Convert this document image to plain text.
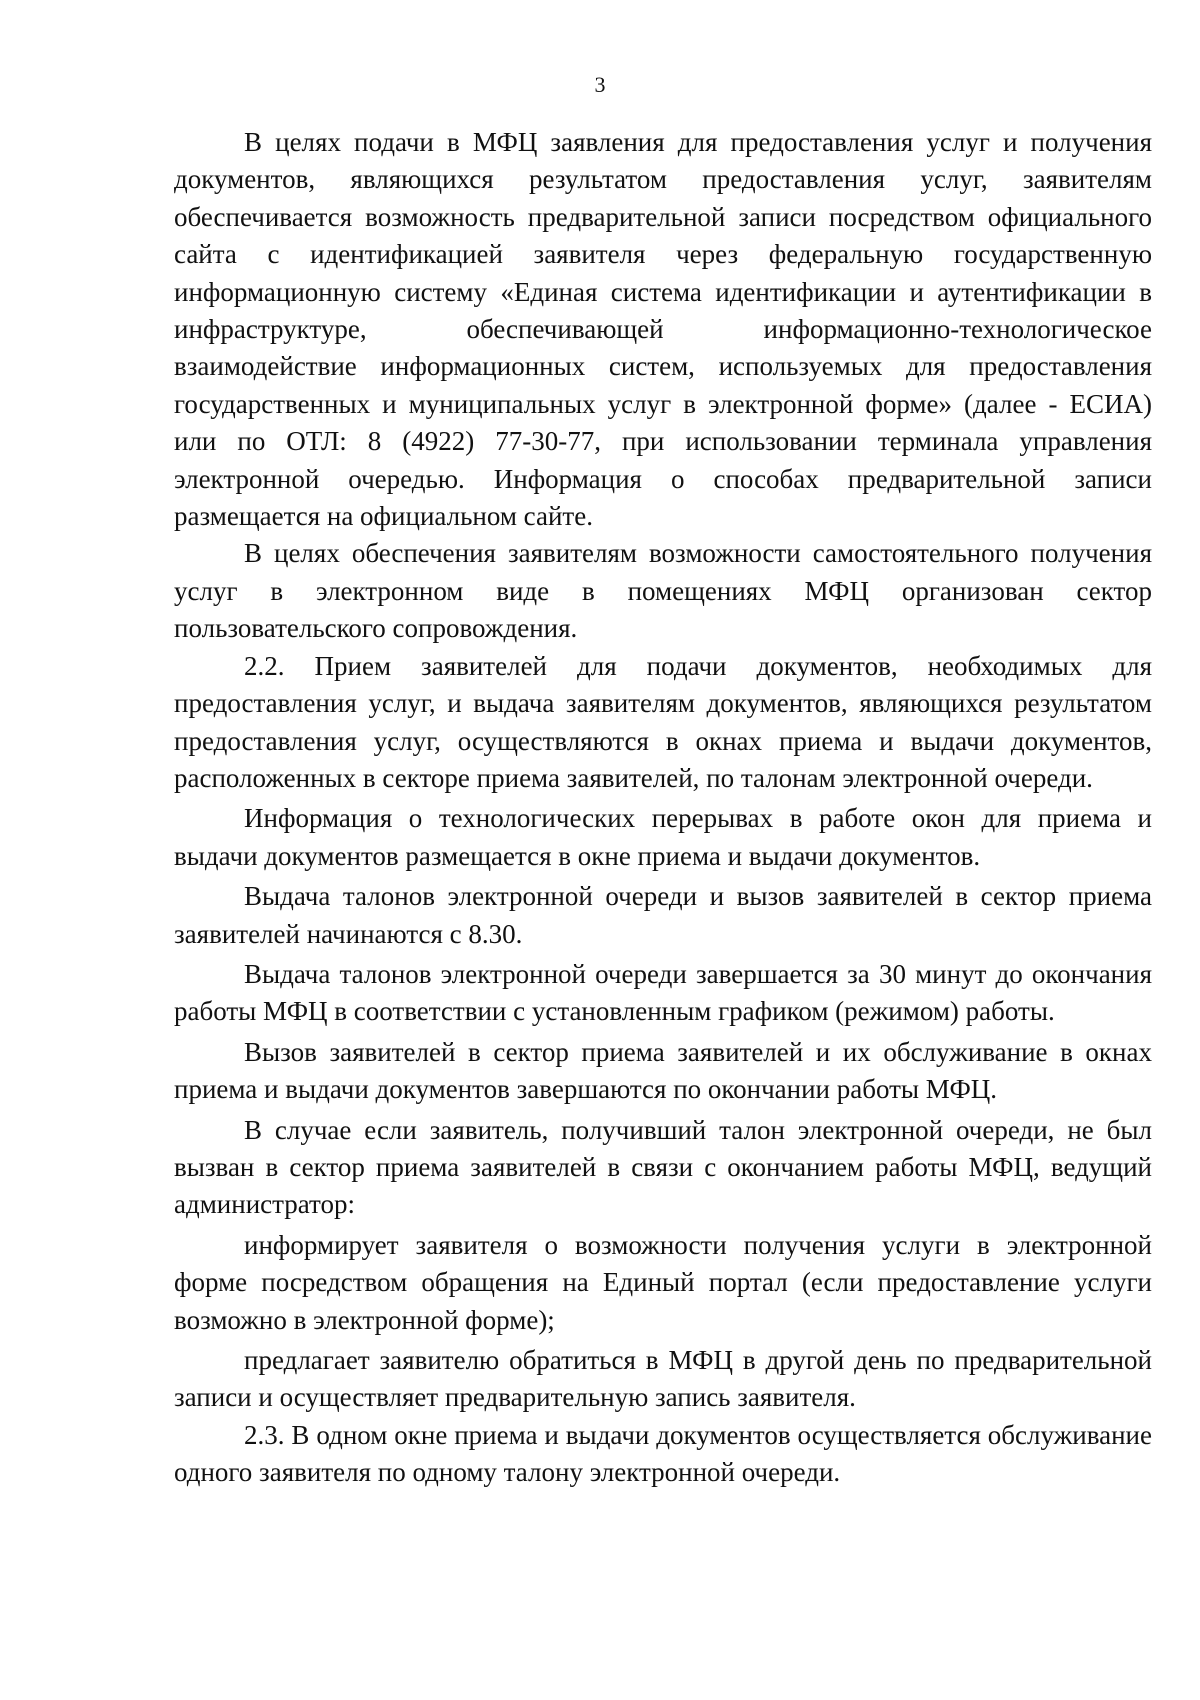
3

В целях подачи в МФЦ заявления для предоставления услуг и получения документов, являющихся результатом предоставления услуг, заявителям обеспечивается возможность предварительной записи посредством официального сайта с идентификацией заявителя через федеральную государственную информационную систему «Единая система идентификации и аутентификации в инфраструктуре, обеспечивающей информационно-технологическое взаимодействие информационных систем, используемых для предоставления государственных и муниципальных услуг в электронной форме» (далее - ЕСИА) или по ОТЛ: 8 (4922) 77-30-77, при использовании терминала управления электронной очередью. Информация о способах предварительной записи размещается на официальном сайте.

В целях обеспечения заявителям возможности самостоятельного получения услуг в электронном виде в помещениях МФЦ организован сектор пользовательского сопровождения.

2.2. Прием заявителей для подачи документов, необходимых для предоставления услуг, и выдача заявителям документов, являющихся результатом предоставления услуг, осуществляются в окнах приема и выдачи документов, расположенных в секторе приема заявителей, по талонам электронной очереди.

Информация о технологических перерывах в работе окон для приема и выдачи документов размещается в окне приема и выдачи документов.

Выдача талонов электронной очереди и вызов заявителей в сектор приема заявителей начинаются с 8.30.

Выдача талонов электронной очереди завершается за 30 минут до окончания работы МФЦ в соответствии с установленным графиком (режимом) работы.

Вызов заявителей в сектор приема заявителей и их обслуживание в окнах приема и выдачи документов завершаются по окончании работы МФЦ.

В случае если заявитель, получивший талон электронной очереди, не был вызван в сектор приема заявителей в связи с окончанием работы МФЦ, ведущий администратор:

информирует заявителя о возможности получения услуги в электронной форме посредством обращения на Единый портал (если предоставление услуги возможно в электронной форме);

предлагает заявителю обратиться в МФЦ в другой день по предварительной записи и осуществляет предварительную запись заявителя.

2.3. В одном окне приема и выдачи документов осуществляется обслуживание одного заявителя по одному талону электронной очереди.
